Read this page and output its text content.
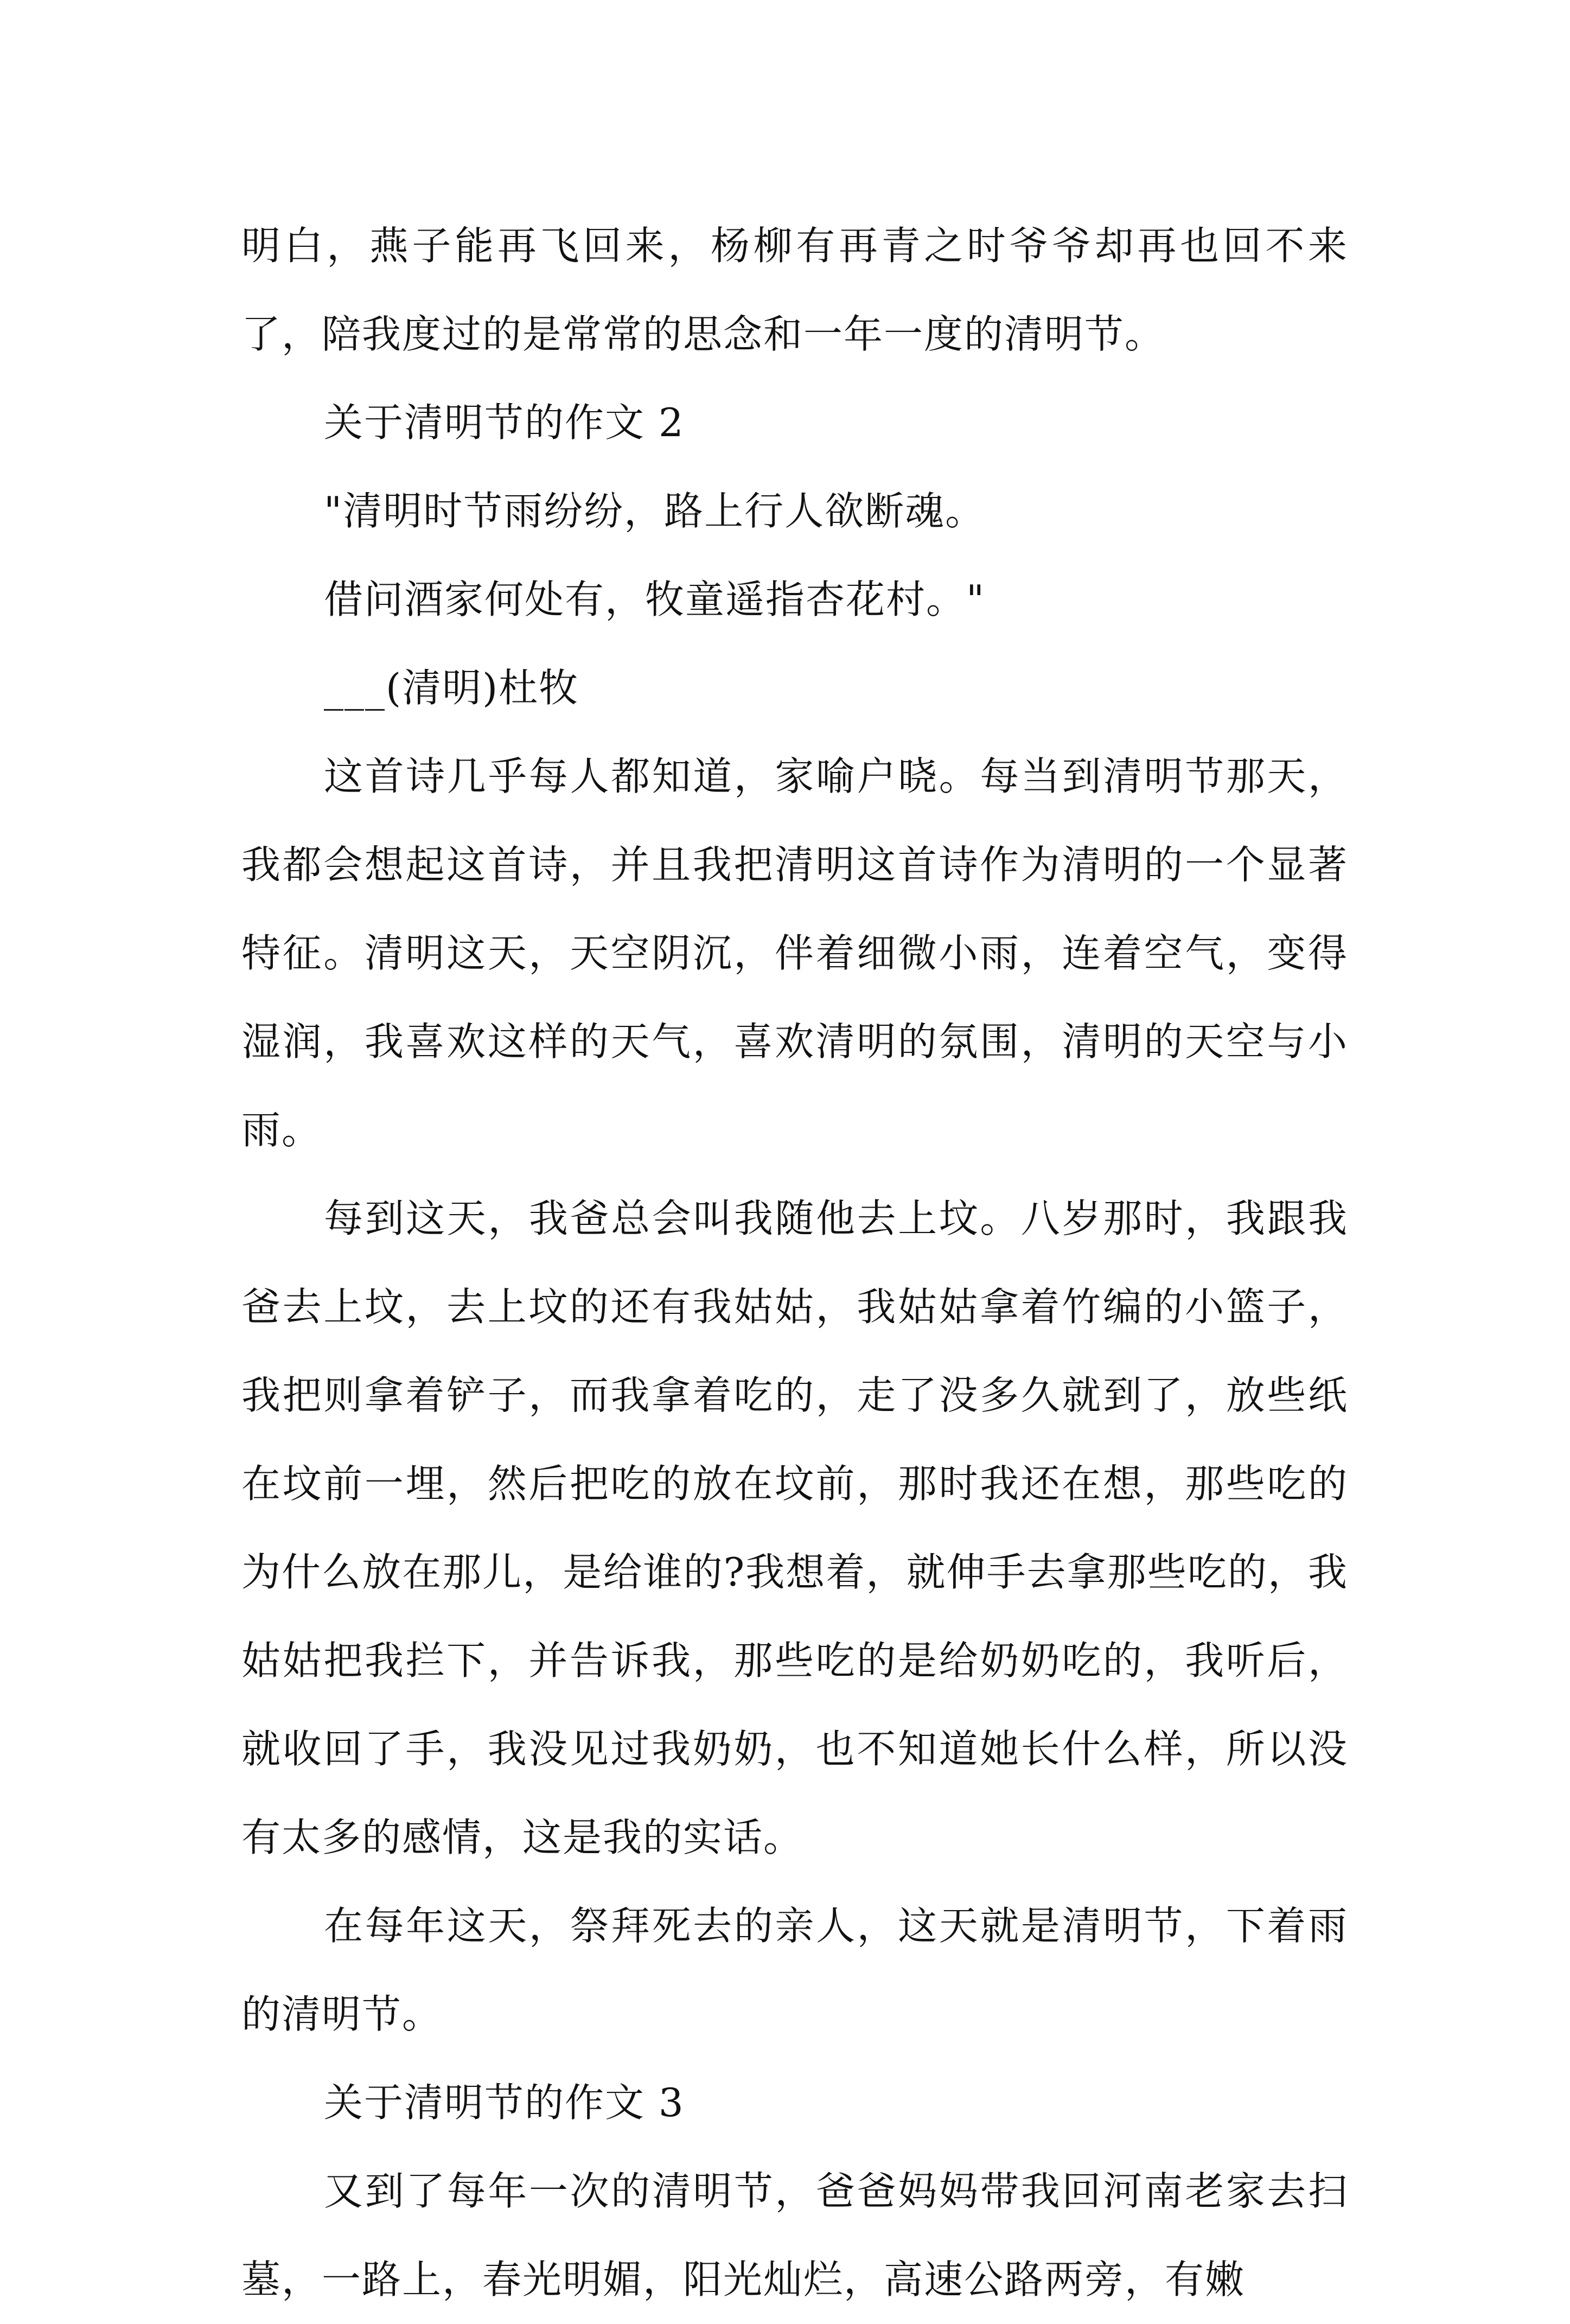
明白，燕子能再飞回来，杨柳有再青之时爷爷却再也回不来了，陪我度过的是常常的思念和一年一度的清明节。

关于清明节的作文 2

"清明时节雨纷纷，路上行人欲断魂。

借问酒家何处有，牧童遥指杏花村。"

___(清明)杜牧

这首诗几乎每人都知道，家喻户晓。每当到清明节那天，我都会想起这首诗，并且我把清明这首诗作为清明的一个显著特征。清明这天，天空阴沉，伴着细微小雨，连着空气，变得湿润，我喜欢这样的天气，喜欢清明的氛围，清明的天空与小雨。

每到这天，我爸总会叫我随他去上坟。八岁那时，我跟我爸去上坟，去上坟的还有我姑姑，我姑姑拿着竹编的小篮子，我把则拿着铲子，而我拿着吃的，走了没多久就到了，放些纸在坟前一埋，然后把吃的放在坟前，那时我还在想，那些吃的为什么放在那儿，是给谁的?我想着，就伸手去拿那些吃的，我姑姑把我拦下，并告诉我，那些吃的是给奶奶吃的，我听后，就收回了手，我没见过我奶奶，也不知道她长什么样，所以没有太多的感情，这是我的实话。

在每年这天，祭拜死去的亲人，这天就是清明节，下着雨的清明节。

关于清明节的作文 3

又到了每年一次的清明节，爸爸妈妈带我回河南老家去扫墓，一路上，春光明媚，阳光灿烂，高速公路两旁，有嫩
